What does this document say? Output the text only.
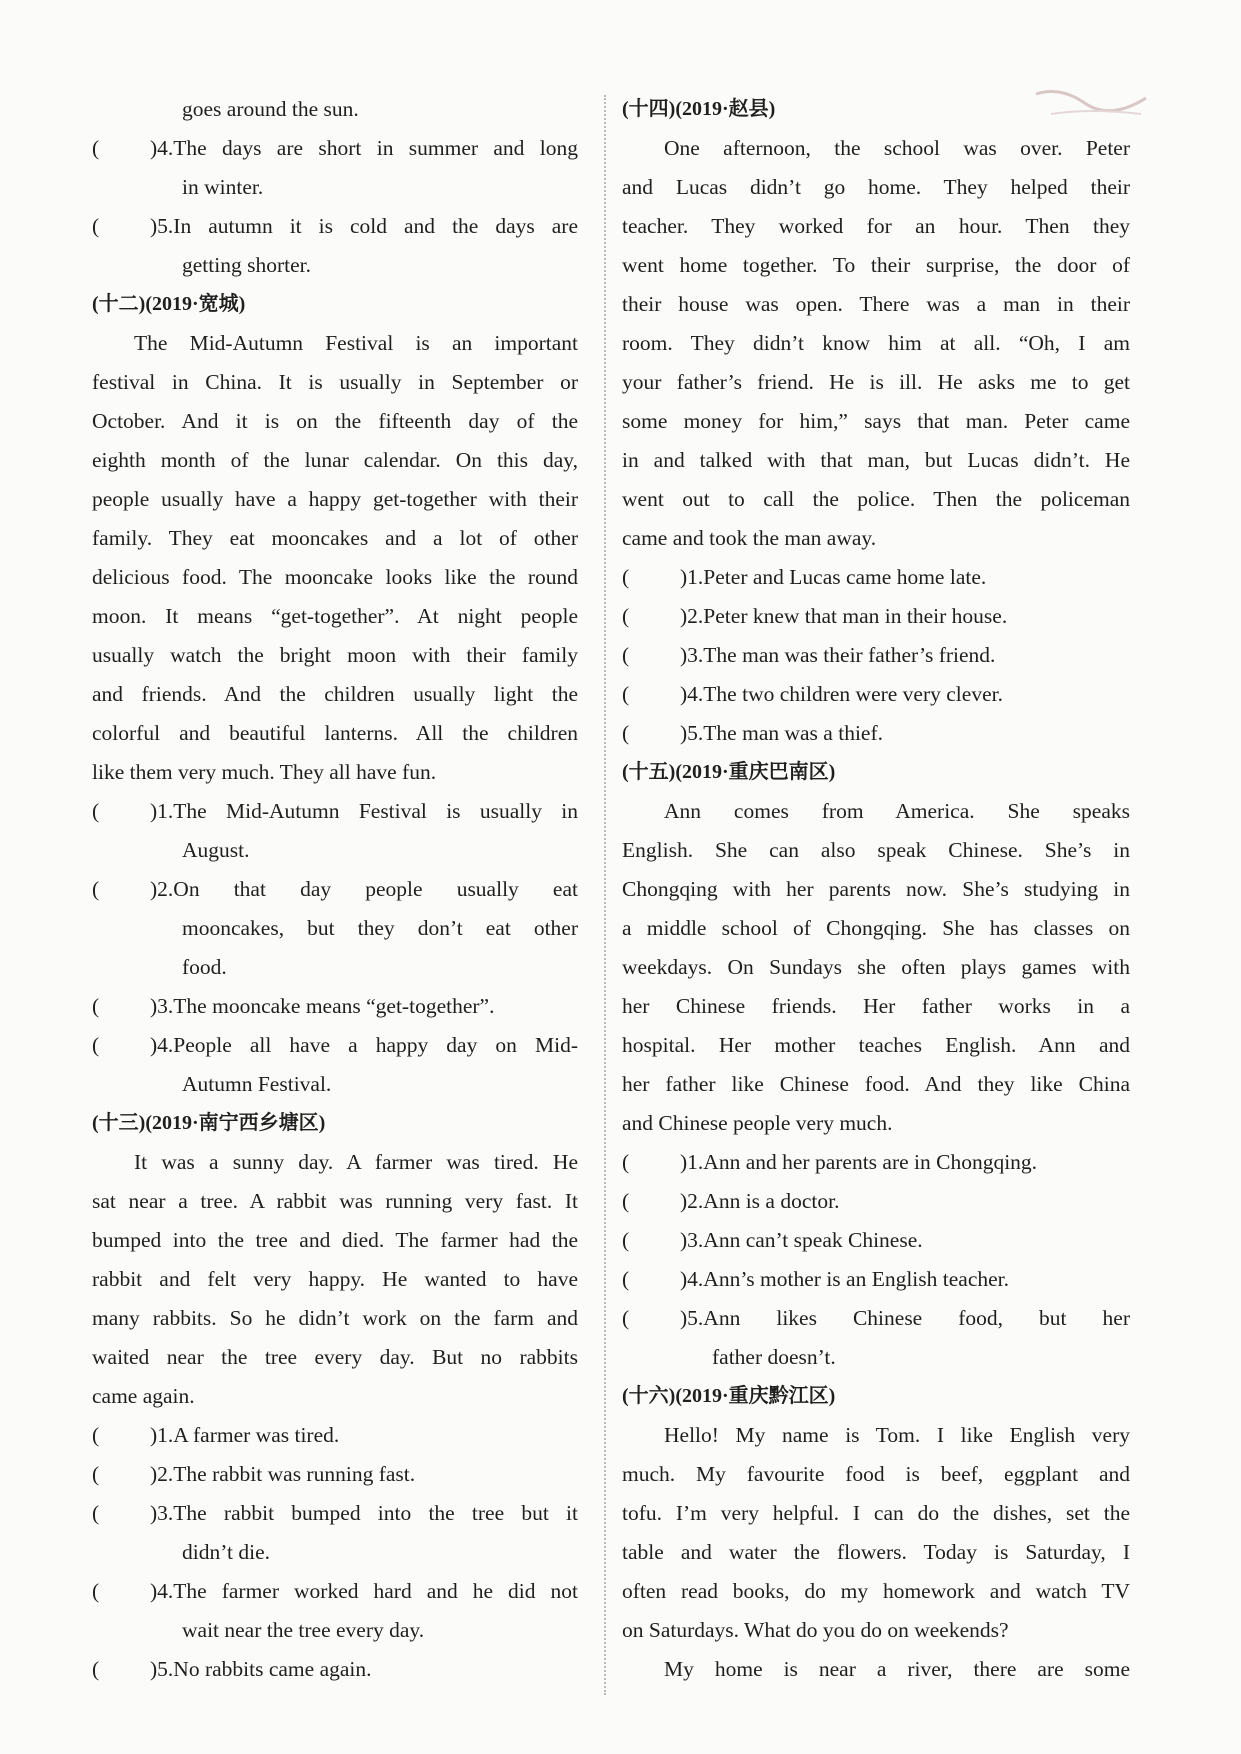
goes around the sun.
(	)4. The days are short in summer and long
in winter.
(	)5. In autumn it is cold and the days are
getting shorter.
(十二)(2019·宽城)
The Mid-Autumn Festival is an important
festival in China. It is usually in September or
October. And it is on the fifteenth day of the
eighth month of the lunar calendar. On this day,
people usually have a happy get-together with their
family. They eat mooncakes and a lot of other
delicious food. The mooncake looks like the round
moon. It means “get-together”. At night people
usually watch the bright moon with their family
and friends. And the children usually light the
colorful and beautiful lanterns. All the children
like them very much. They all have fun.
(	)1. The Mid-Autumn Festival is usually in
August.
(	)2. On that day people usually eat
mooncakes, but they don’t eat other
food.
(	)3. The mooncake means “get-together”.
(	)4. People all have a happy day on Mid-
Autumn Festival.
(十三)(2019·南宁西乡塘区)
It was a sunny day. A farmer was tired. He
sat near a tree. A rabbit was running very fast. It
bumped into the tree and died. The farmer had the
rabbit and felt very happy. He wanted to have
many rabbits. So he didn’t work on the farm and
waited near the tree every day. But no rabbits
came again.
(	)1. A farmer was tired.
(	)2. The rabbit was running fast.
(	)3. The rabbit bumped into the tree but it
didn’t die.
(	)4. The farmer worked hard and he did not
wait near the tree every day.
(	)5. No rabbits came again.
(十四)(2019·赵县)
One afternoon, the school was over. Peter
and Lucas didn’t go home. They helped their
teacher. They worked for an hour. Then they
went home together. To their surprise, the door of
their house was open. There was a man in their
room. They didn’t know him at all. “Oh, I am
your father’s friend. He is ill. He asks me to get
some money for him,” says that man. Peter came
in and talked with that man, but Lucas didn’t. He
went out to call the police. Then the policeman
came and took the man away.
(	)1. Peter and Lucas came home late.
(	)2. Peter knew that man in their house.
(	)3. The man was their father’s friend.
(	)4. The two children were very clever.
(	)5. The man was a thief.
(十五)(2019·重庆巴南区)
Ann comes from America. She speaks
English. She can also speak Chinese. She’s in
Chongqing with her parents now. She’s studying in
a middle school of Chongqing. She has classes on
weekdays. On Sundays she often plays games with
her Chinese friends. Her father works in a
hospital. Her mother teaches English. Ann and
her father like Chinese food. And they like China
and Chinese people very much.
(	)1. Ann and her parents are in Chongqing.
(	)2. Ann is a doctor.
(	)3. Ann can’t speak Chinese.
(	)4. Ann’s mother is an English teacher.
(	)5. Ann likes Chinese food, but her
father doesn’t.
(十六)(2019·重庆黔江区)
Hello! My name is Tom. I like English very
much. My favourite food is beef, eggplant and
tofu. I’m very helpful. I can do the dishes, set the
table and water the flowers. Today is Saturday, I
often read books, do my homework and watch TV
on Saturdays. What do you do on weekends?
My home is near a river, there are some
